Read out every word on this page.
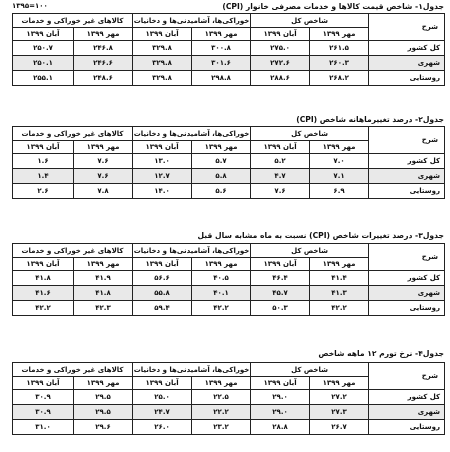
۱۳۹۵=۱۰۰	جدول۱- شاخص قیمت کالاها و خدمات مصرفی خانوار (CPI)
شرح	شاخص کل		خوراکی‌ها، آشامیدنی‌ها و دخانیات		کالاهای غیر خوراکی و خدمات	
	مهر ۱۳۹۹	آبان ۱۳۹۹	مهر ۱۳۹۹	آبان ۱۳۹۹	مهر ۱۳۹۹	آبان ۱۳۹۹
کل کشور	۲۶۱.۵	۲۷۵.۰	۳۰۰.۸	۳۲۹.۸	۲۴۶.۸	۲۵۰.۷
شهری	۲۶۰.۳	۲۷۲.۶	۳۰۱.۶	۳۲۹.۸	۲۴۶.۶	۲۵۰.۱
روستایی	۲۶۸.۲	۲۸۸.۶	۲۹۸.۸	۳۲۹.۸	۲۴۸.۶	۲۵۵.۱
جدول۲- درصد تغییرماهانه شاخص (CPI)
شرح	شاخص کل		خوراکی‌ها، آشامیدنی‌ها و دخانیات		کالاهای غیر خوراکی و خدمات	
	مهر ۱۳۹۹	آبان ۱۳۹۹	مهر ۱۳۹۹	آبان ۱۳۹۹	مهر ۱۳۹۹	آبان ۱۳۹۹
کل کشور	۷.۰	۵.۲	۵.۷	۱۳.۰	۷.۶	۱.۶
شهری	۷.۱	۴.۷	۵.۸	۱۲.۷	۷.۶	۱.۴
روستایی	۶.۹	۷.۶	۵.۶	۱۴.۰	۷.۸	۲.۶
جدول۳- درصد تغییرات شاخص (CPI) نسبت به ماه مشابه سال قبل
شرح	شاخص کل		خوراکی‌ها، آشامیدنی‌ها و دخانیات		کالاهای غیر خوراکی و خدمات	
	مهر ۱۳۹۹	آبان ۱۳۹۹	مهر ۱۳۹۹	آبان ۱۳۹۹	مهر ۱۳۹۹	آبان ۱۳۹۹
کل کشور	۴۱.۴	۴۶.۴	۴۰.۵	۵۶.۶	۴۱.۹	۴۱.۸
شهری	۴۱.۳	۴۵.۷	۴۰.۱	۵۵.۸	۴۱.۸	۴۱.۶
روستایی	۴۲.۲	۵۰.۳	۴۲.۲	۵۹.۴	۴۲.۳	۴۲.۲
جدول۴- نرخ تورم ۱۲ ماهه شاخص
شرح	شاخص کل		خوراکی‌ها، آشامیدنی‌ها و دخانیات		کالاهای غیر خوراکی و خدمات	
	مهر ۱۳۹۹	آبان ۱۳۹۹	مهر ۱۳۹۹	آبان ۱۳۹۹	مهر ۱۳۹۹	آبان ۱۳۹۹
کل کشور	۲۷.۲	۲۹.۰	۲۲.۵	۲۵.۰	۲۹.۵	۳۰.۹
شهری	۲۷.۳	۲۹.۰	۲۲.۲	۲۴.۷	۲۹.۵	۳۰.۹
روستایی	۲۶.۷	۲۸.۸	۲۳.۲	۲۶.۰	۲۹.۶	۳۱.۰
